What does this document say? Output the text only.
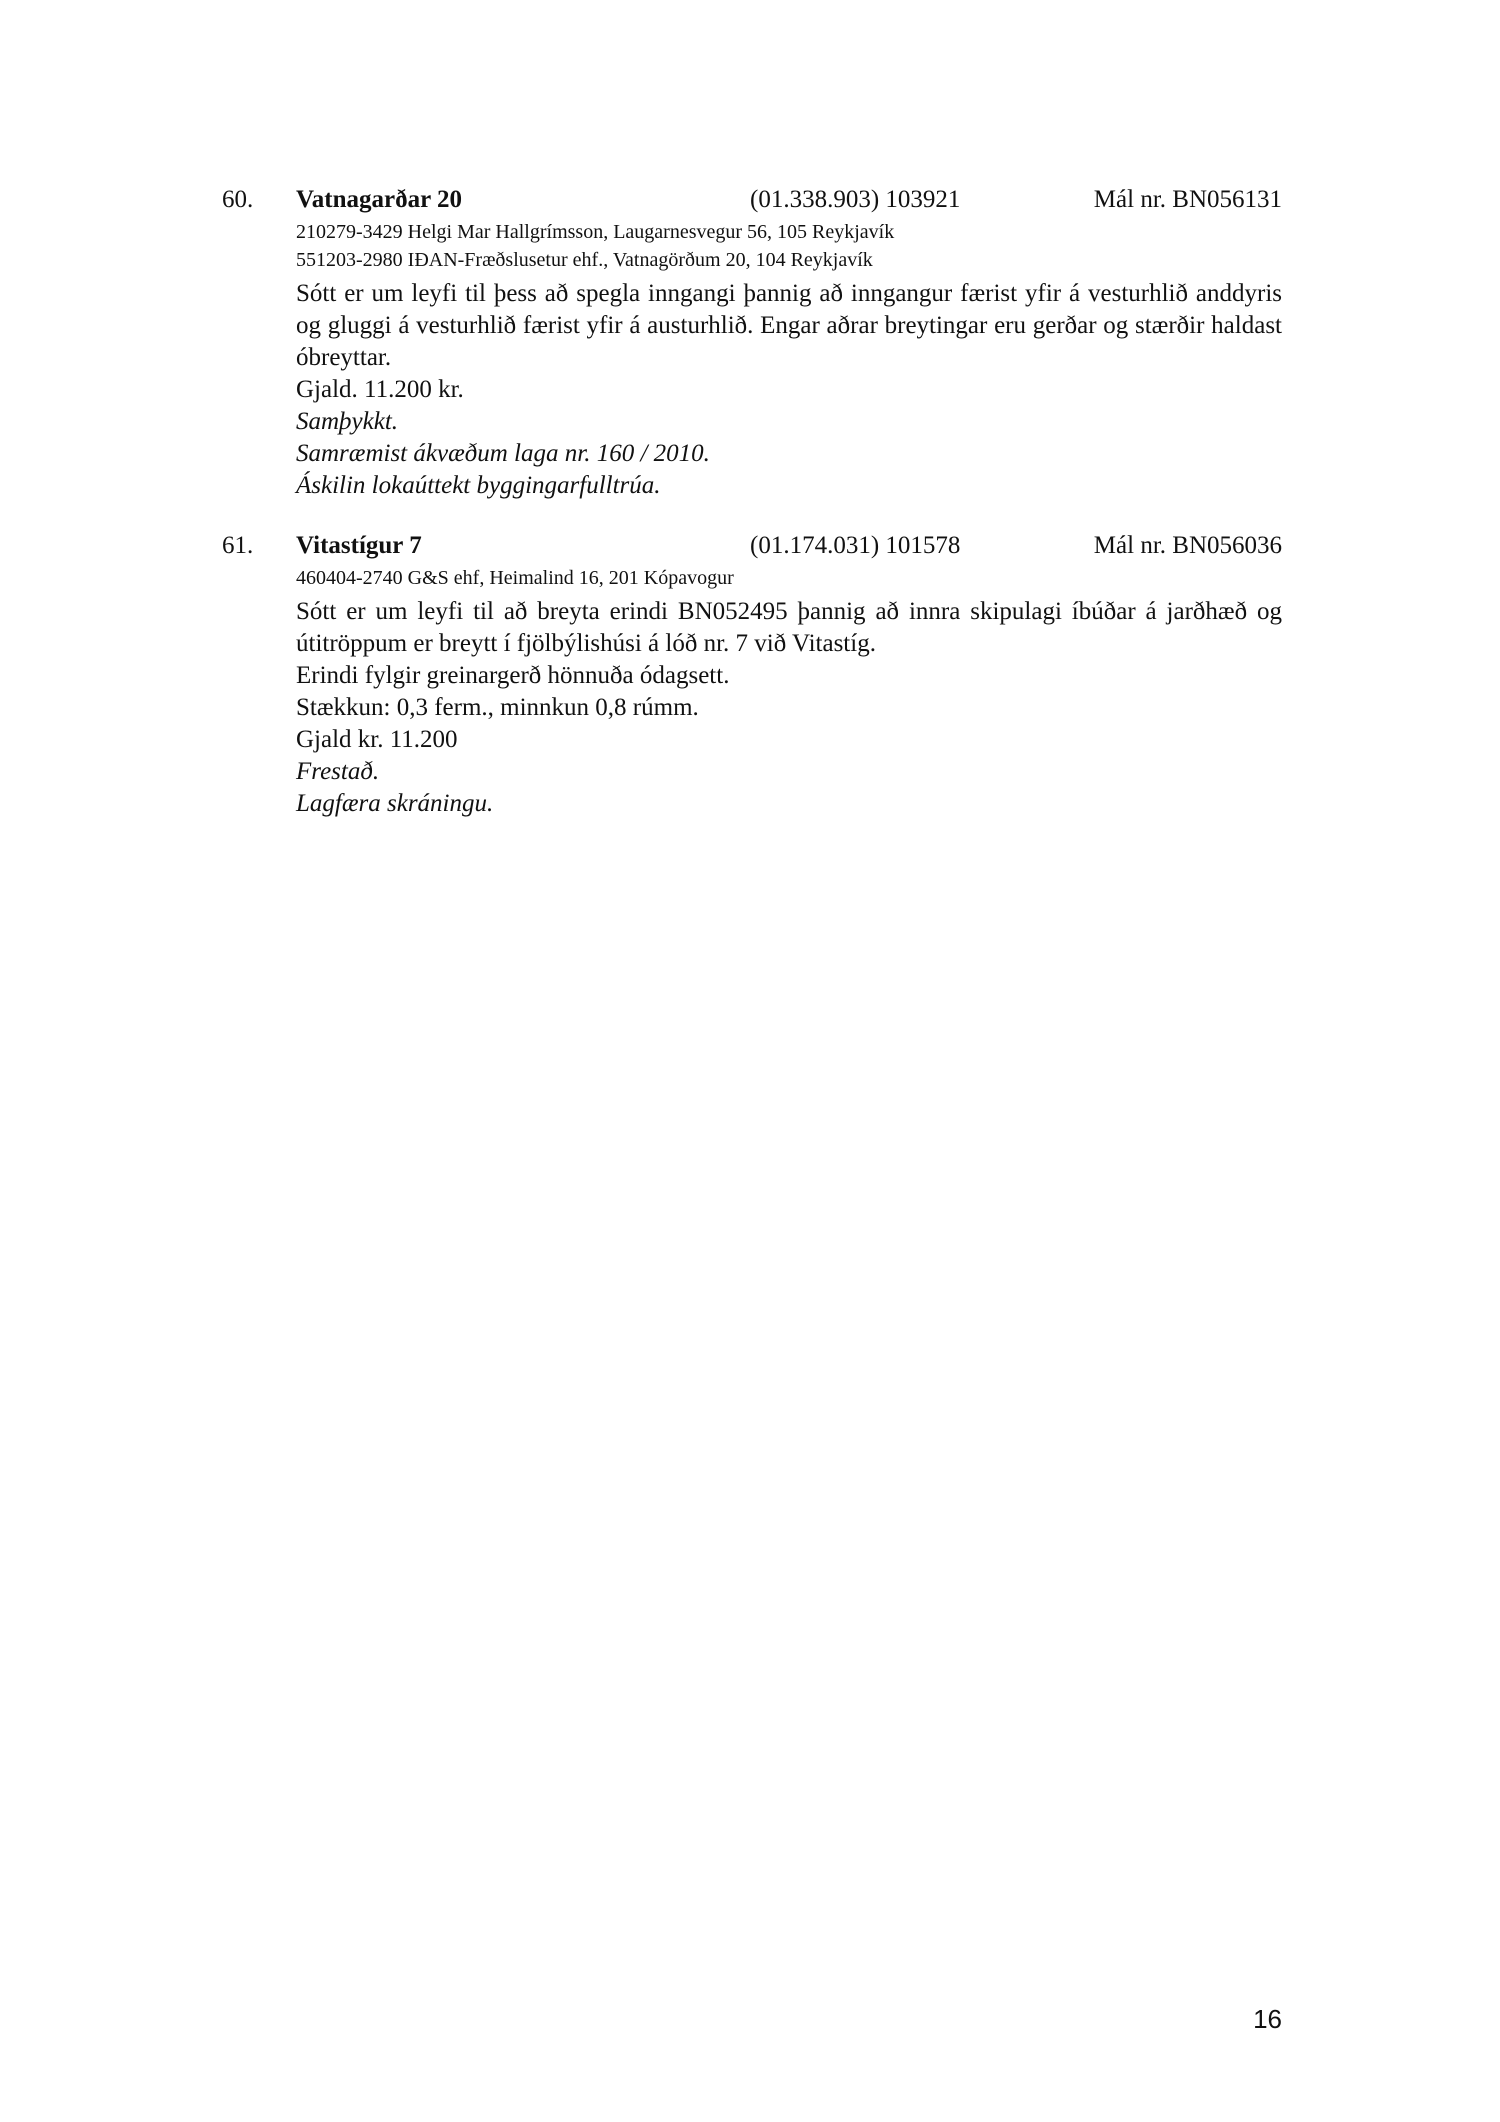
60. Vatnagarðar 20	(01.338.903) 103921	Mál nr. BN056131
210279-3429 Helgi Mar Hallgrímsson, Laugarnesvegur 56, 105 Reykjavík
551203-2980 IÐAN-Fræðslusetur ehf., Vatnagörðum 20, 104 Reykjavík

Sótt er um leyfi til þess að spegla inngangi þannig að inngangur færist yfir á vesturhlið anddyris og gluggi á vesturhlið færist yfir á austurhlið. Engar aðrar breytingar eru gerðar og stærðir haldast óbreyttar.

Gjald. 11.200 kr.
Samþykkt.
Samræmist ákvæðum laga nr. 160 / 2010.
Áskilin lokaúttekt byggingarfulltrúa.
61. Vitastígur 7	(01.174.031) 101578	Mál nr. BN056036
460404-2740 G&S ehf, Heimalind 16, 201 Kópavogur

Sótt er um leyfi til að breyta erindi BN052495 þannig að innra skipulagi íbúðar á jarðhæð og útitröppum er breytt í fjölbýlishúsi á lóð nr. 7 við Vitastíg.

Erindi fylgir greinargerð hönnuða ódagsett.
Stækkun: 0,3 ferm., minnkun 0,8 rúmm.
Gjald kr. 11.200
Frestað.
Lagfæra skráningu.
16
